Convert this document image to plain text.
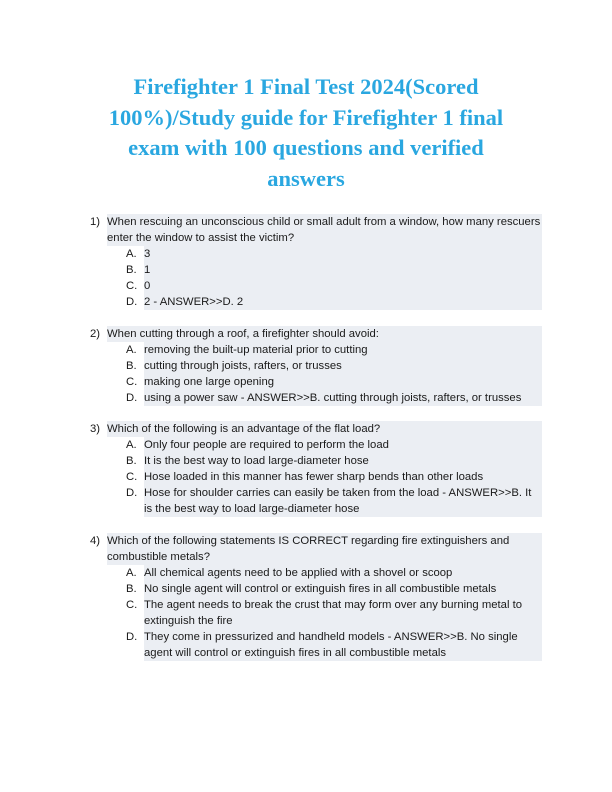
Firefighter 1 Final Test 2024(Scored 100%)/Study guide for Firefighter 1 final exam with 100 questions and verified answers
1) When rescuing an unconscious child or small adult from a window, how many rescuers enter the window to assist the victim?
A. 3
B. 1
C. 0
D. 2 - ANSWER>>D. 2
2) When cutting through a roof, a firefighter should avoid:
A. removing the built-up material prior to cutting
B. cutting through joists, rafters, or trusses
C. making one large opening
D. using a power saw - ANSWER>>B. cutting through joists, rafters, or trusses
3) Which of the following is an advantage of the flat load?
A. Only four people are required to perform the load
B. It is the best way to load large-diameter hose
C. Hose loaded in this manner has fewer sharp bends than other loads
D. Hose for shoulder carries can easily be taken from the load - ANSWER>>B. It is the best way to load large-diameter hose
4) Which of the following statements IS CORRECT regarding fire extinguishers and combustible metals?
A. All chemical agents need to be applied with a shovel or scoop
B. No single agent will control or extinguish fires in all combustible metals
C. The agent needs to break the crust that may form over any burning metal to extinguish the fire
D. They come in pressurized and handheld models - ANSWER>>B. No single agent will control or extinguish fires in all combustible metals
